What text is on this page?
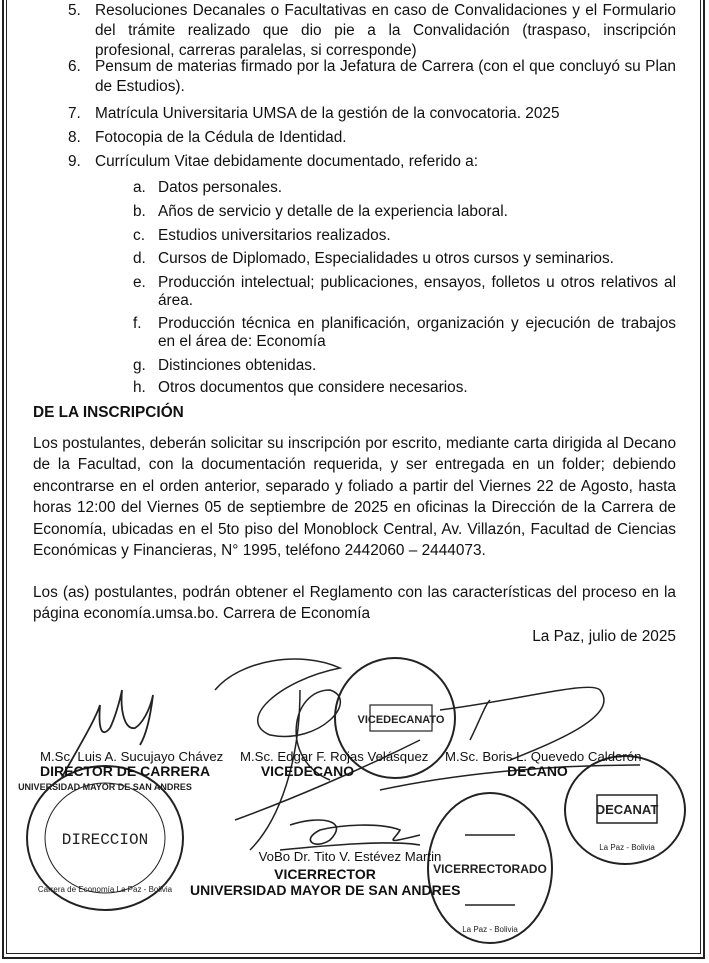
5. Resoluciones Decanales o Facultativas en caso de Convalidaciones y el Formulario del trámite realizado que dio pie a la Convalidación (traspaso, inscripción profesional, carreras paralelas, si corresponde)
6. Pensum de materias firmado por la Jefatura de Carrera (con el que concluyó su Plan de Estudios).
7. Matrícula Universitaria UMSA de la gestión de la convocatoria. 2025
8. Fotocopia de la Cédula de Identidad.
9. Currículum Vitae debidamente documentado, referido a:
a. Datos personales.
b. Años de servicio y detalle de la experiencia laboral.
c. Estudios universitarios realizados.
d. Cursos de Diplomado, Especialidades u otros cursos y seminarios.
e. Producción intelectual; publicaciones, ensayos, folletos u otros relativos al área.
f. Producción técnica en planificación, organización y ejecución de trabajos en el área de: Economía
g. Distinciones obtenidas.
h. Otros documentos que considere necesarios.
DE LA INSCRIPCIÓN
Los postulantes, deberán solicitar su inscripción por escrito, mediante carta dirigida al Decano de la Facultad, con la documentación requerida, y ser entregada en un folder; debiendo encontrarse en el orden anterior, separado y foliado a partir del Viernes 22 de Agosto, hasta horas 12:00 del Viernes 05 de septiembre de 2025 en oficinas la Dirección de la Carrera de Economía, ubicadas en el 5to piso del Monoblock Central, Av. Villazón, Facultad de Ciencias Económicas y Financieras, N° 1995, teléfono 2442060 – 2444073.
Los (as) postulantes, podrán obtener el Reglamento con las características del proceso en la página economía.umsa.bo. Carrera de Economía
La Paz, julio de 2025
DIRECCION
UNIVERSIDAD MAYOR DE SAN ANDRES
Carrera de Economía La Paz - Bolivia
VICEDECANATO
VICERRECTORADO
La Paz - Bolivia
DECANAT
La Paz - Bolivia
M.Sc. Luis A. Sucujayo Chávez
DIRECTOR DE CARRERA
M.Sc. Edgar F. Rojas Velásquez
VICEDECANO
M.Sc. Boris L. Quevedo Calderón
DECANO
VoBo Dr. Tito V. Estévez Martin
VICERRECTOR
UNIVERSIDAD MAYOR DE SAN ANDRES
